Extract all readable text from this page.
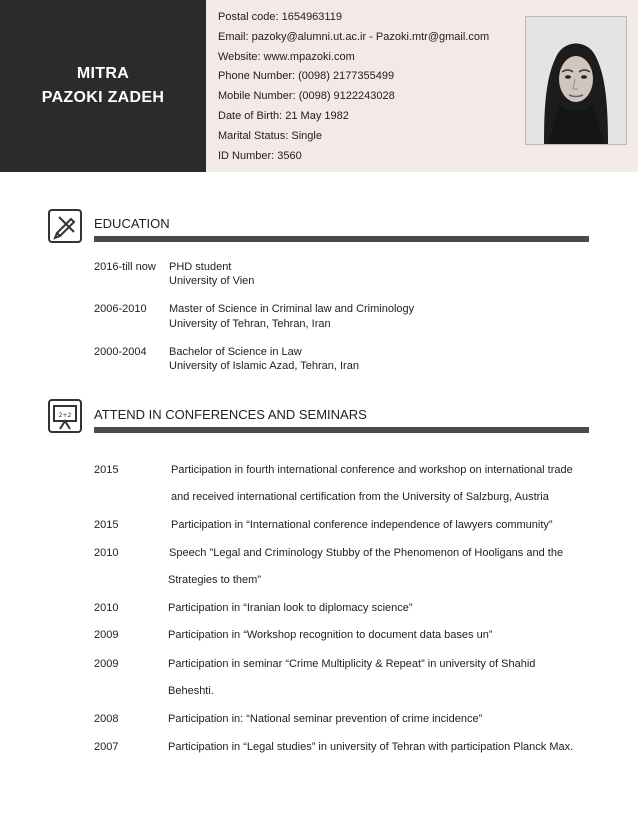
MITRA
PAZOKI ZADEH
Postal code: 1654963119
Email: pazoky@alumni.ut.ac.ir - Pazoki.mtr@gmail.com
Website: www.mpazoki.com
Phone Number: (0098) 2177355499
Mobile Number: (0098) 9122243028
Date of Birth: 21 May 1982
Marital Status: Single
ID Number: 3560
EDUCATION
2016-till now PHD student
University of Vien
2006-2010 Master of Science in Criminal law and Criminology
University of Tehran, Tehran, Iran
2000-2004 Bachelor of Science in Law
University of Islamic Azad, Tehran, Iran
2+2 ATTEND IN CONFERENCES AND SEMINARS
2015	Participation in fourth international conference and workshop on international trade
and received international certification from the University of Salzburg, Austria
2015	Participation in “International conference independence of lawyers community”
2010	Speech "Legal and Criminology Stubby of the Phenomenon of Hooligans and the
Strategies to them"
2010	Participation in “Iranian look to diplomacy science”
2009	Participation in “Workshop recognition to document data bases un”
2009	Participation in seminar “Crime Multiplicity & Repeat” in university of Shahid
Beheshti.
2008	Participation in: “National seminar prevention of crime incidence”
2007	Participation in “Legal studies” in university of Tehran with participation Planck Max.
